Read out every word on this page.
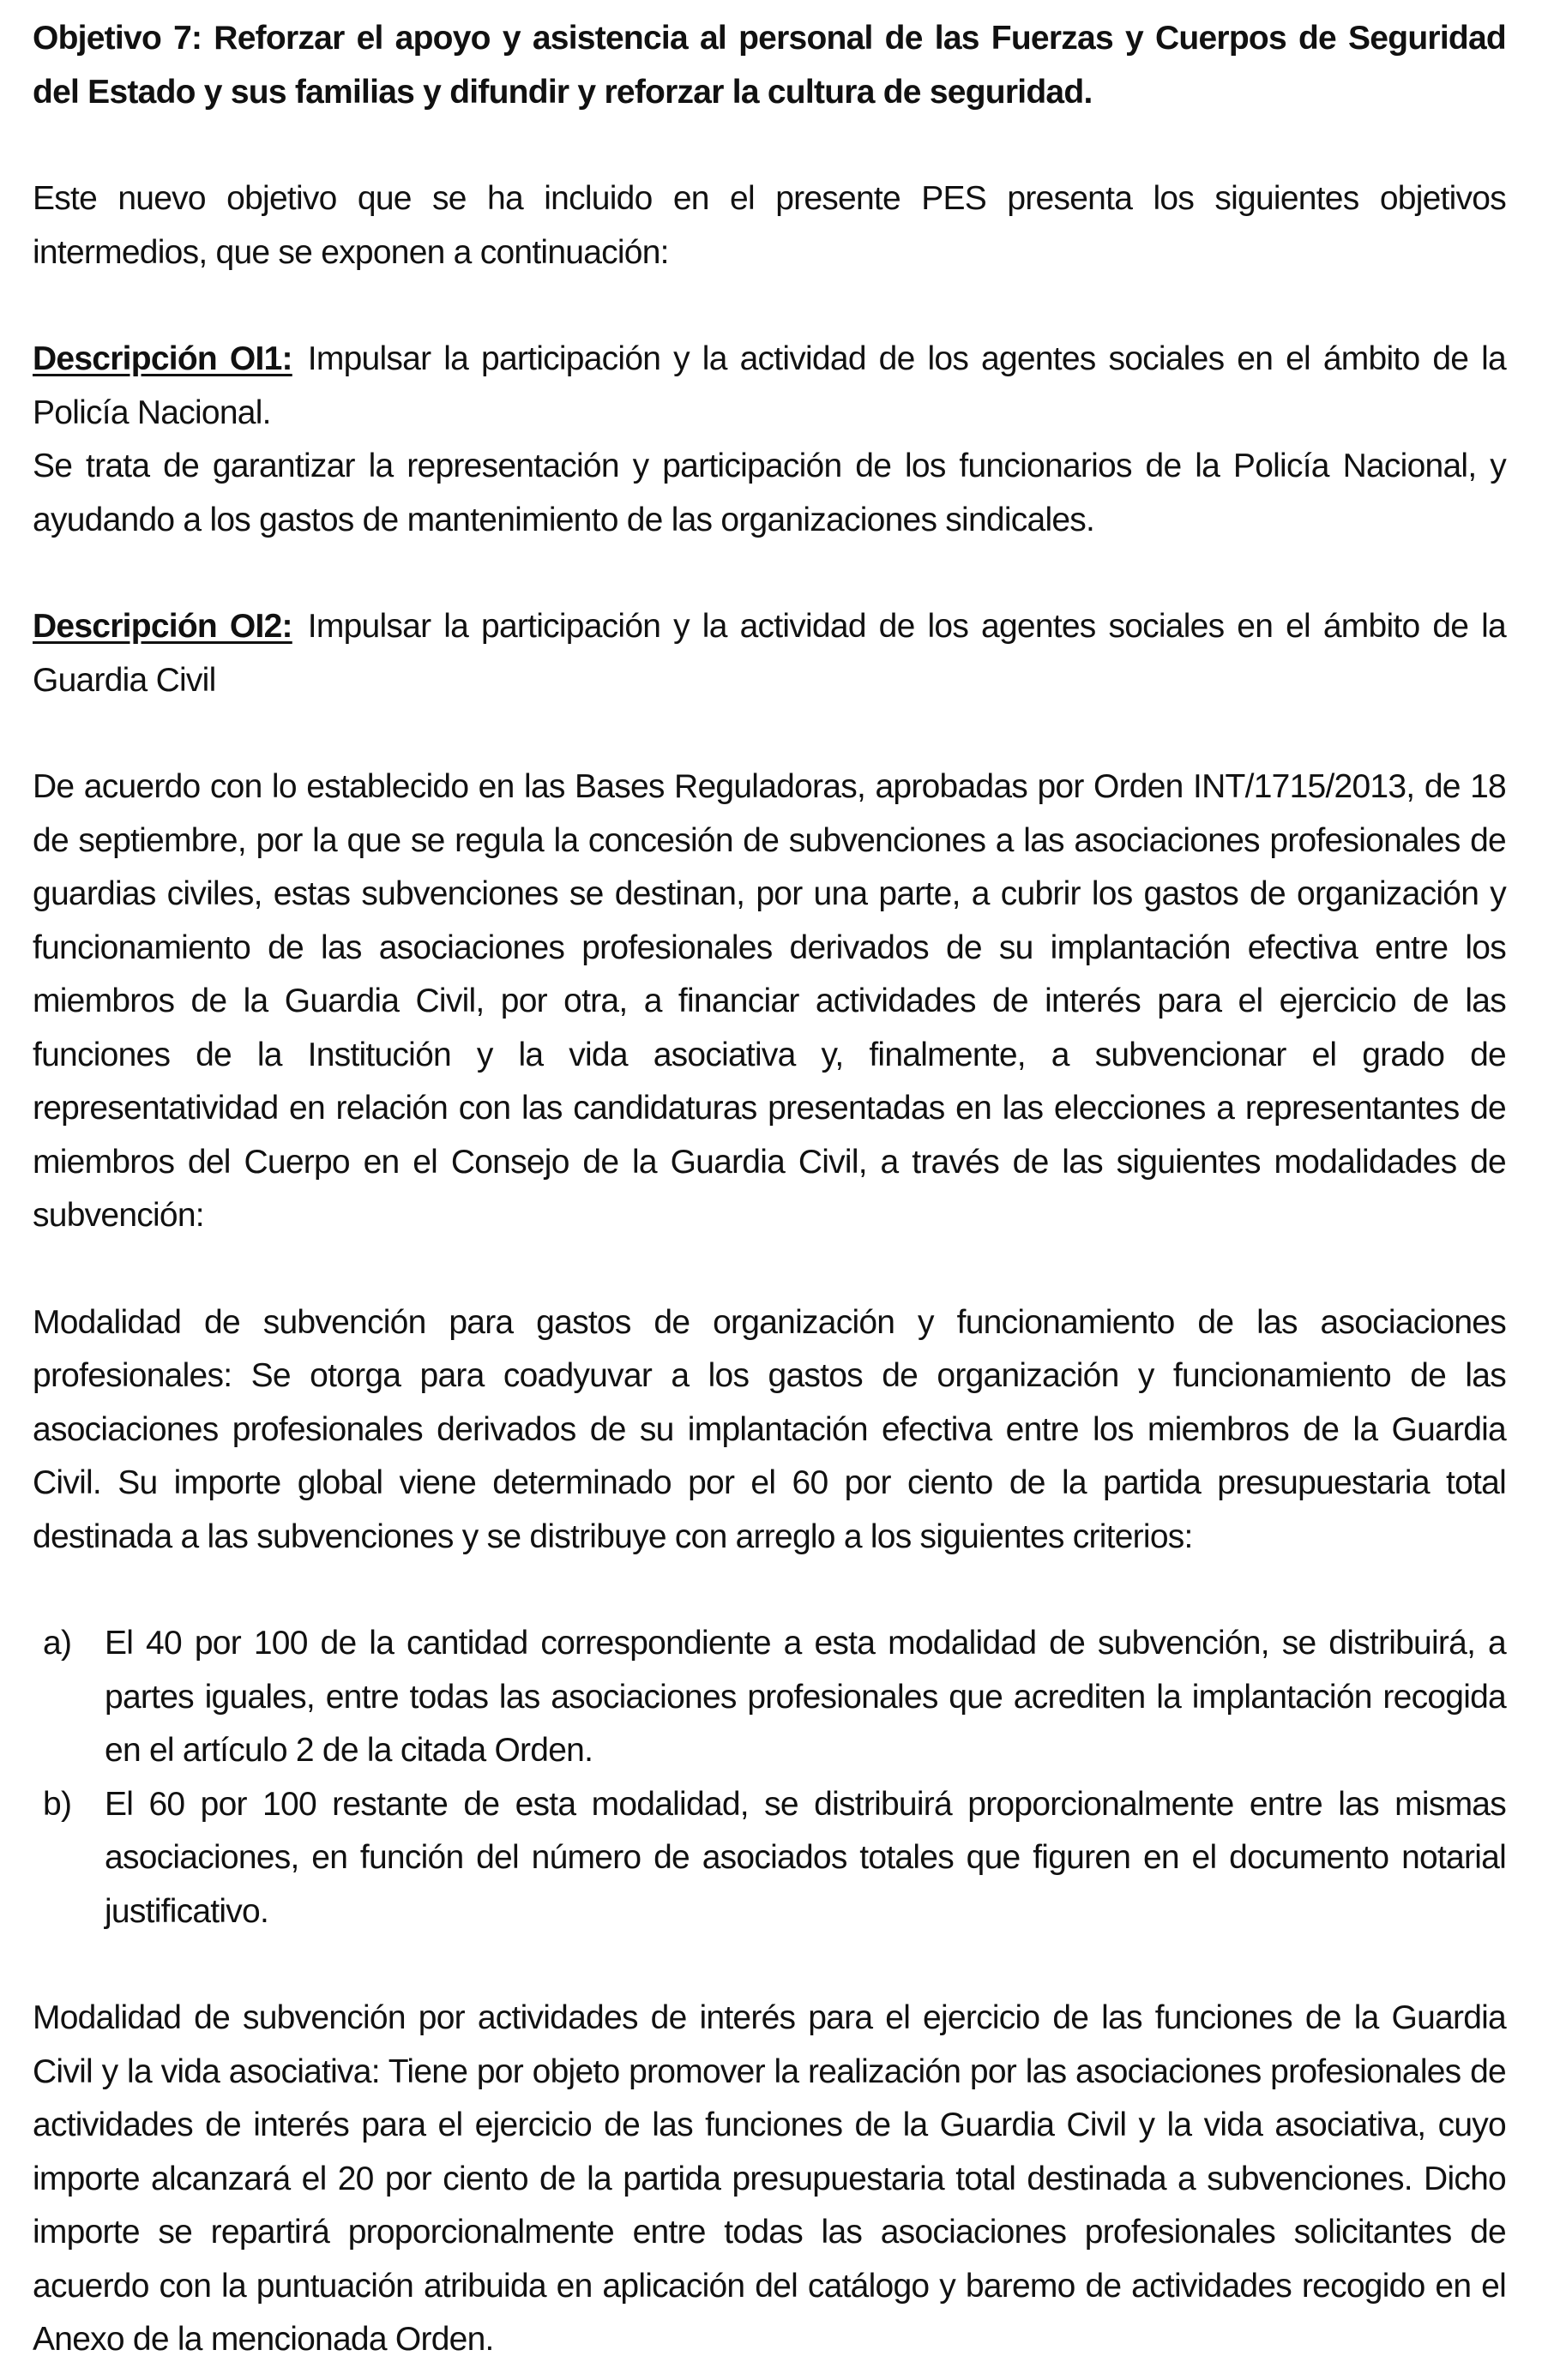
Objetivo 7: Reforzar el apoyo y asistencia al personal de las Fuerzas y Cuerpos de Seguridad del Estado y sus familias y difundir y reforzar la cultura de seguridad.

Este nuevo objetivo que se ha incluido en el presente PES presenta los siguientes objetivos intermedios, que se exponen a continuación:

Descripción OI1: Impulsar la participación y la actividad de los agentes sociales en el ámbito de la Policía Nacional.

Se trata de garantizar la representación y participación de los funcionarios de la Policía Nacional, y ayudando a los gastos de mantenimiento de las organizaciones sindicales.

Descripción OI2: Impulsar la participación y la actividad de los agentes sociales en el ámbito de la Guardia Civil

De acuerdo con lo establecido en las Bases Reguladoras, aprobadas por Orden INT/1715/2013, de 18 de septiembre, por la que se regula la concesión de subvenciones a las asociaciones profesionales de guardias civiles, estas subvenciones se destinan, por una parte, a cubrir los gastos de organización y funcionamiento de las asociaciones profesionales derivados de su implantación efectiva entre los miembros de la Guardia Civil, por otra, a financiar actividades de interés para el ejercicio de las funciones de la Institución y la vida asociativa y, finalmente, a subvencionar el grado de representatividad en relación con las candidaturas presentadas en las elecciones a representantes de miembros del Cuerpo en el Consejo de la Guardia Civil, a través de las siguientes modalidades de subvención:

Modalidad de subvención para gastos de organización y funcionamiento de las asociaciones profesionales: Se otorga para coadyuvar a los gastos de organización y funcionamiento de las asociaciones profesionales derivados de su implantación efectiva entre los miembros de la Guardia Civil. Su importe global viene determinado por el 60 por ciento de la partida presupuestaria total destinada a las subvenciones y se distribuye con arreglo a los siguientes criterios:

a) El 40 por 100 de la cantidad correspondiente a esta modalidad de subvención, se distribuirá, a partes iguales, entre todas las asociaciones profesionales que acrediten la implantación recogida en el artículo 2 de la citada Orden.
b) El 60 por 100 restante de esta modalidad, se distribuirá proporcionalmente entre las mismas asociaciones, en función del número de asociados totales que figuren en el documento notarial justificativo.

Modalidad de subvención por actividades de interés para el ejercicio de las funciones de la Guardia Civil y la vida asociativa: Tiene por objeto promover la realización por las asociaciones profesionales de actividades de interés para el ejercicio de las funciones de la Guardia Civil y la vida asociativa, cuyo importe alcanzará el 20 por ciento de la partida presupuestaria total destinada a subvenciones. Dicho importe se repartirá proporcionalmente entre todas las asociaciones profesionales solicitantes de acuerdo con la puntuación atribuida en aplicación del catálogo y baremo de actividades recogido en el Anexo de la mencionada Orden.
